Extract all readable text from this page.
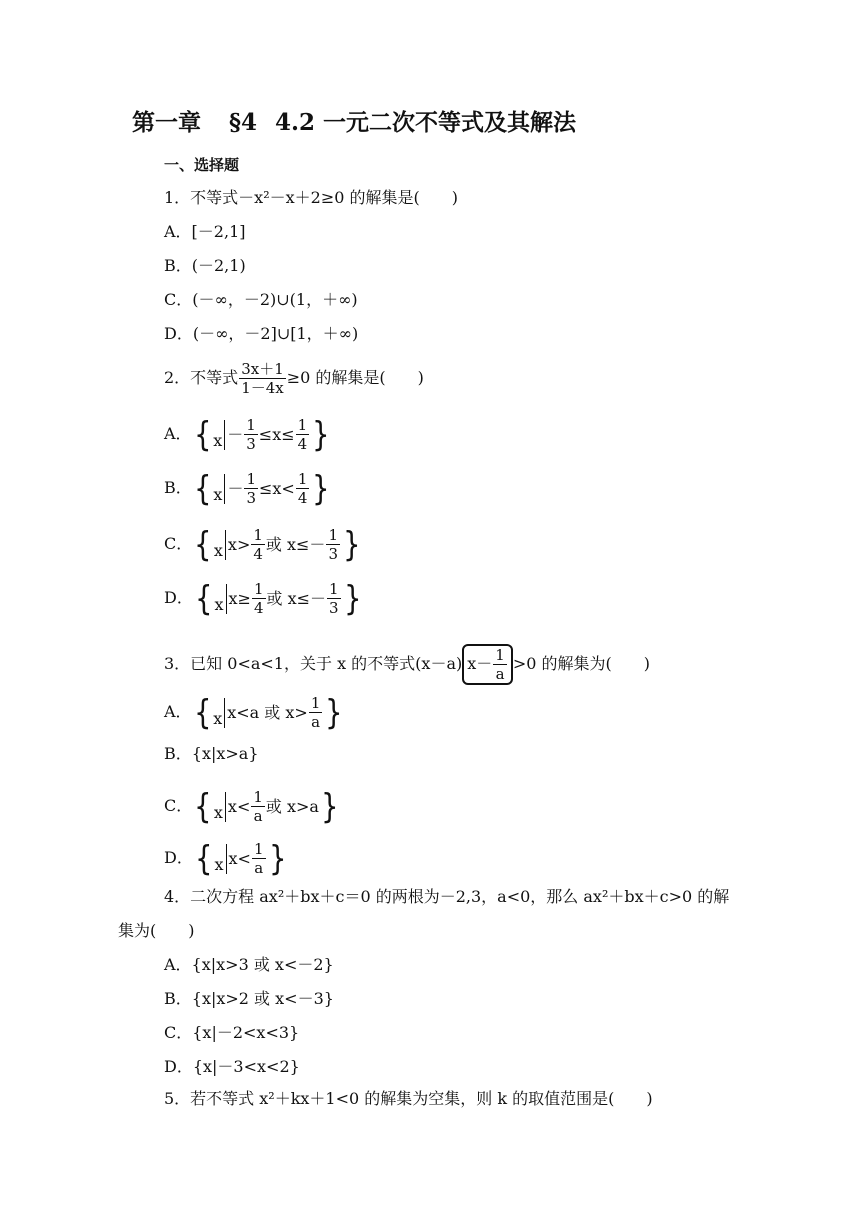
第一章 §4 4.2 一元二次不等式及其解法
一、选择题
1．不等式－x²－x＋2≥0 的解集是(　　)
A．[－2,1]
B．(－2,1)
C．(－∞，－2)∪(1，＋∞)
D．(－∞，－2]∪[1，＋∞)
2．不等式 $\frac{3x+1}{1-4x} \ge 0$ 的解集是(　　)
A． { $x - \frac{1}{3} \le x\le \frac{1}{4}$ }
B． { $x - \frac{1}{3} \le x< \frac{1}{4}$ }
C． { x $x> \frac{1}{4}$ 或 $x\le- \frac{1}{3}$ }
D． { x $x\ge \frac{1}{4}$ 或 $x\le- \frac{1}{3}$ }
3．已知 0<a<1，关于 x 的不等式(x－a) $x- \frac{1}{a} >0$ 的解集为(　　)
A． { x x<a 或 $x> \frac{1}{a}$ }
B．{x|x>a}
C． { x $x< \frac{1}{a}$ 或 x>a }
D． { x $x< \frac{1}{a}$ }
4．二次方程 ax²＋bx＋c＝0 的两根为－2,3，a<0，那么 ax²＋bx＋c>0 的解
集为(　　)
A．{x|x>3 或 x<－2}
B．{x|x>2 或 x<－3}
C．{x|－2<x<3}
D．{x|－3<x<2}
5．若不等式 x²＋kx＋1<0 的解集为空集，则 k 的取值范围是(　　)
